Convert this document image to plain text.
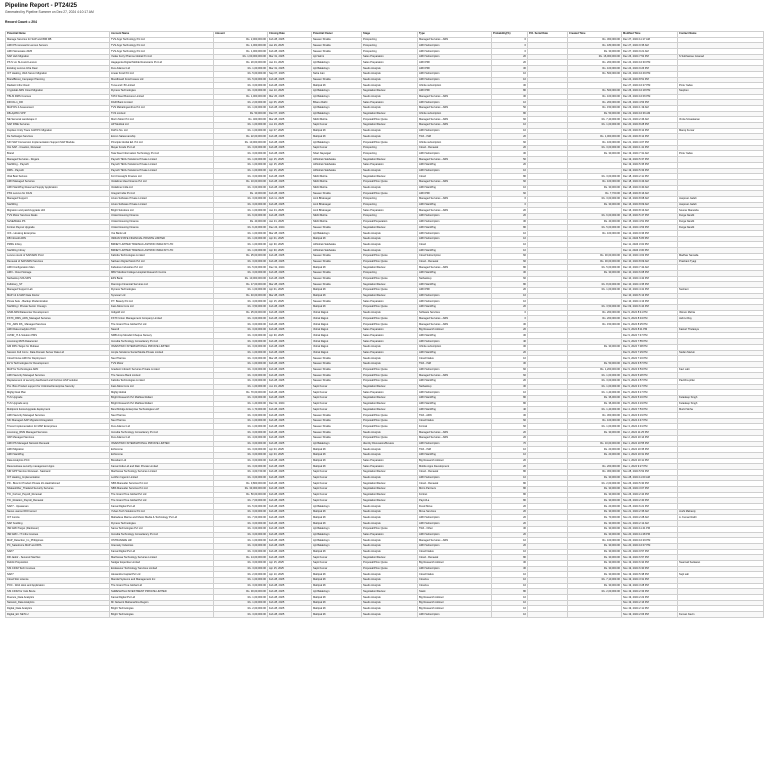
Pipeline Report - PT24/25
Generated by Pipeline Summer on Dec 27, 2024 4:10:17 AM
Record Count = 204
Potential Name	Account Name	Amount	Closing Date	Potential Owner	Stage	Type	Probability(%)	P.O. Serial Date	Created Time	Modified Time	Contact Name
Manage Servcies for SAP and IBM DB	TVS Argo Technology Pvt Ltd	Rs. 2,000,000.00	Feb 28, 2025	Naveen Shukla	Prospecting	Managed Services - ARN	0		Rs. 300,000.00	Dec 27, 2024 11:17 AM	
ARN PS renewal & Lenovo Servers	TVS Argo Technology Pvt Ltd	Rs. 1,000,000.00	Jan 29, 2025	Naveen Shukla	Prospecting	ARN Subscription	0		Rs. 180,000.00	Dec 27, 2024 9:35 AM	
ARN Stoneware 2025	TVS Argo Technology Pvt Ltd	Rs. 1,000,000.00	Feb 28, 2025	Naveen Shukla	Prospecting	ARN Subscription	0		Rs. 30,000.00	Dec 27, 2024 9:21 AM	
SAP Hub Migration	Yadav Ferry Pharma Global Pvt Ltd	Rs. 1,60,000,000.00	Mar 31, 2025	Ajit Sahni	Sales Preparation	ARN Subscription	20		Rs. 16,000,000.00	Dec 26, 2024 7:52 PM	S Subhasree Gnanad
PS S vm SLA and Lenovo	Hagagenia Digital Mobile Resturants Pvt Ltd	Rs. 20,00,000.00	Jan 01, 2025	Ajit Balakrisgn	Sales Preparation	ARN PMI	20		Rs. 200,000.00	Dec 24, 2024 10:30 PM	
Existing Lenovo Infra Deal	Five Adamur Ltd	Rs. 1,00,000.00	Mar 31, 2025	Ajit Balakrisgn	Needs Analysis	ARN PMI	30		Rs. 100,000.00	Dec 24, 2024 9:26 PM	
ICT Healing, Web Server Migration	Linear Food Pvt Ltd	Rs. 5,00,000.00	Sep 07, 2025	Neha Jain	Needs Analysis	ARN Subscription	10		Rs. 500,000.00	Dec 24, 2024 10:49 PM	
BrandBoost_Campaign Planning	Moodboard Food Issues Ltd	Rs. 5,00,000.00	Feb 28, 2025	Naveen Shukla	Needs Analysis	ARN Subscription	10			Dec 24, 2024 8:51 PM	
Radiant Infra Cloud	Tuna and I B Limited	Rs. 3,00,000.00	Feb 28, 2025	Mahipal Mi	Needs Analysis	Infinite subscription	30			Dec 27, 2024 10:27 PM	Pintu Yadav
Cryptolab ARN Cloud Migration	Flyness Technologies	Rs. 3,00,000.00	Jan 10, 2025	Ajit Balakrisgn	Negotiation/Review	ARN PMI	80		Rs. 500,000.00	Dec 26, 2024 10:18 PM	Stephen
TBLIS RMS Courses	TATA Steel Business Limited	Rs. 1,000,000.00	Mar 26, 2025	Ajit Balakrisgn	Needs Analysis	Managed Services - ARN	30		Rs. 100,000.00	Dec 26, 2024 10:06 PM	
DR DG-1_DR	DGR Bank Limited	Rs. 2,00,000.00	Apr 05, 2025	Bhanu Rathi	Sales Preparation	ARN Subscription	10		Rs. 200,000.00	Dec 26, 2024 4:53 PM	
MAP DS 4 Assessment	TVS Mahalingamthus Pvt Ltd	Rs. 1,00,000.00	Feb 28, 2025	Ajit Balakrisgn	Needs Analysis	Managed Services - ARN	50		Rs. 150,000.00	Dec 23, 2024 1:19 AM	
DB-ApPD1 VPP	TCS Limited	Rs. 50,000.00	Dec 07, 2025	Ajit Balakrisgn	Negotiation/Review	Infinite subscription	80		Rs. 50,000.00	Dec 22, 2024 10:36 AM	
NE Serveral Landscape 3	Morin Motor Pvt Ltd	Rs. 400,000.00	Mar 28, 2025	Nikhil Mehta	Proposal/Price Quote	Managed Services - ARN	60		Rs. 7,40,000.00	Dec 21, 2024 2:46 AM	Vinita Srivaskaran
SAP RISE Services	HP Medical Ltd	Rs. 1,00,000.00	Jun 19, 2025	Sapti Kumar	Negotiation/Review	Managed Services - ARN	10		Rs. 1,00,000.00	Dec 20, 2024 8:28 PM	
Dupliset Unity Trace GAP/PC Migration	DoPro No. Ltd	Rs. 1,00,000.00	Apr 07, 2025	Mahipal Mi	Needs Analysis	ARN Subscription	10			Dec 20, 2024 8:12 PM	Manoj Kumar
De Subtarget Services	Enzen Salesmanship	Rs. 22,00,000.00	Feb 28, 2025	Mahipal Mi	Needs Analysis	TRA - ISM	20		Rs. 1,000,000.00	Dec 20, 2024 8:12 PM	
SIO SAP Conversion Implementation Support SAP Module	Principle Global Ed. Pvt Ltd	Rs. 10,000,000.00	Feb 28, 2025	Ajit Balakrisgn	Proposal/Price Quote	Infinite subscription	60		Rs. 100,000.00	Dec 21, 2024 4:07 PM	
Oto SAP - Creation, Renewal	Mayar Foods Pvt Ltd	Rs. 3,00,000.00	Feb 28, 2025	Sapti Kumar	Prospecting	Cloud - Renewal	20		Rs. 3,00,000.00	Dec 20, 2024 1:41 PM	
Brand	Tata Steel Information Technology Pvt Ltd	Rs. 3,00,000.00	Feb 28, 2025	Shari Nayargari	Prospecting	ARN Subscription	30		Rs. 30,000.00	Dec 19, 2024 7:31 AM	Pintu Yadav
Managed Services - Rogars	Paysoft TECH Solutions Private Limited	Rs. 1,00,000.00	Apr 15, 2025	Abhishek Sakhwala	Negotiation/Review	Managed Services - ARN	50			Dec 19, 2024 5:37 PM	
StarWing - Paysoft	Paysoft TECH Solutions Private Limited	Rs. 1,00,000.00	Apr 15, 2025	Abhishek Sakhwala	Sales Preparation	ARN StarWing	20			Dec 19, 2024 5:35 PM	
RMS - Paysoft	Paysoft TECH Solutions Private Limited	Rs. 1,00,000.00	Apr 15, 2025	Abhishek Sakhwala	Needs Analysis	ARN Subscription	10			Dec 19, 2024 5:33 PM	
Vital Best Serives	Fort Foresight Finance Ltd	Rs. 3,00,000.00	Feb 28, 2025	Nikhil Mehta	Negotiation/Review	Cloud	80		Rs. 3,00,000.00	Dec 18, 2024 2:11 PM	
ARN Managed Services	Vodafone Idea Finance Pvt Ltd	Rs. 10,00,000.00	Feb 28, 2025	Nikhil Mehta	Proposal/Price Quote	Managed Services - ARN	60		Rs. 100,000.00	Dec 18, 2024 9:43 AM	
ARN StarWing Reserved Supply Application	Vodafone India Ltd	Rs. 3,00,000.00	Feb 28, 2025	Nikhil Mehta	Needs Analysis	ARN StarWing	10		Rs. 30,000.00	Dec 18, 2024 9:40 AM	
PSS Lenovo for ICHS	Integral India Pvt Ltd	Rs. 10,000.00	Feb 28, 2025	Naveen Shukla	Proposal/Price Quote	ARN PMI	60		Rs. 7,700.00	Dec 18, 2024 8:16 AM	
Managed Support	Azure Software Private Limited	Rs. 3,00,000.00	Feb 11, 2025	Amit Bhatnagar	Prospecting	Managed Services - ARN	0		Rs. 3,00,000.00	Dec 16, 2024 8:08 AM	Jaspreet Jadeh
StarWing	Azure Software Private Limited	Rs. 3,00,000.00	Feb 28, 2025	Amit Bhatnagar	Prospecting	ARN StarWing	0		Rs. 30,000.00	Dec 16, 2024 8:09 AM	Jaspreet Jadeh
Migration and patch/upgrade HCI	Bright Solutions Ltd	Rs. 1,00,000.00	Jan 31, 2025	Amit Bhatnagar	Sales Preparation	Managed Services - ARN	20			Dec 16, 2024 8:13 AM	Sourav Marwaha
TVS Motor Services Deals	United Housing Finance	Rs. 6,00,000.00	Feb 28, 2025	Nikhil Mehta	Prospecting	ARN Subscription	20		Rs. 6,00,000.00	Dec 15, 2024 5:47 PM	Durga Nandit
SuSE/RHEL PS	United Housing Finance	Rs. 40,000.00	Jan 31, 2025	Nikhil Mehta	Proposal/Preparation	ARN Subscription	30		Rs. 40,000.00	Dec 15, 2024 4:51 PM	Durga Nandit
Fortnet Payout Upgrade	United Housing Finance	Rs. 6,20,000.00	Dec 24, 2024	Naveen Shukla	Negotiation/Review	ARN StarWing	80		Rs. 5,00,000.00	Dec 13, 2024 4:53 PM	Durga Nandit
ICS - Housing Enterprise	Yes Bank Ltd	Rs. 1,00,000.00	Mar 28, 2025	Ajit Balakrisgn	Needs Analysis	ARN Subscription	10		Rs. 100,000.00	Dec 12, 2024 9:36 PM	
DB Infosoft ARN	INDIAN STATE FINANCIAL PRIVATE LIMITED	Rs. 1,00,000.00	Apr 01, 2025	Mahipal Mi	Needs Analysis	ARN Subscription	10			Dec 11, 2024 5:05 PM	
PMRL Infosy	BRNET LIMITED TRANSAC-ASTRON INDIA INT LTD	Rs. 1,00,000.00	Apr 30, 2025	Abhishek Sakhwala	Needs Analysis	Cloud	10			Dec 11, 2024 3:32 PM	
StarWing Infosy	BRNET LIMITED TRANSAC-ASTRON INDIA INT LTD	Rs. 1,00,000.00	Apr 30, 2025	Abhishek Sakhwala	Needs Analysis	ARN StarWing	10			Dec 11, 2024 3:30 PM	
Lenovo stock of SAP/ARN Prod	Kalinda Technologies Limited	Rs. 25,00,000.00	Feb 28, 2025	Naveen Shukla	Proposal/Price Quote	Cloud Subscription	60		Rs. 30,00,000.00	Dec 10, 2024 4:02 PM	Madhav Samalla
Renewal of SAP/ARM Services	Sattvam Digital Stock Pvt Ltd	Rs. 3,00,000.00	Feb 28, 2025	Naveen Shukla	Proposal/Price Quote	Cloud - Renewal	60		Rs. 30,00,000.00	Dec 10, 2024 8:09 AM	Prashant Tyagi
ARN Configuration Man	Fabulous Industries Pvt Ltd	Rs. 5,00,000.00	Dec 31, 2024	Mahipal Mi	Negotiation/Review	Managed Services - ARN	80		Rs. 5,00,000.00	Dec 10, 2024 7:42 AM	
ARN - Cloud Storage	MBV Medical College Hospital Research Centre	Rs. 3,00,000.00	Feb 28, 2025	Naveen Shukla	Prospecting	ARN StarWing	30		Rs. 30,000.00	Dec 10, 2024 6:08 PM	
Netbackup SIS-SIPS	EFS Bank	Rs. 10,000,000.00	Feb 28, 2025	Naveen Shukla	Proposal/Price Quote	Netbackup	60			Dec 10, 2024 4:42 PM	
Fullobery_ST	Flamingo Financial Services Ltd	Rs. 17,00,000.00	Mar 28, 2025	Naveen Shukla	Negotiation/Review	ARN StarWing	80		Rs. 8,00,000.00	Dec 10, 2024 4:35 PM	
Managed Support Lab	Flyness Technologies	Rs. 1,00,000.00	Apr 01, 2025	Mahipal Mi	Proposal/Price Quote	ARN PMI	20		Rs. 1,00,000.00	Dec 10, 2024 4:41 PM	Sushant
MAP 12 & MAP Data Doctor	Synovac Ltd	Rs. 40,00,000.00	Mar 28, 2025	Mahipal Mi	Negotiation/Review	ARN Subscription	10			Dec 10, 2024 5:13 PM	
Pluvia Setu - Backup Modernization	P.T. Beauty Pvt Ltd	Rs. 4,00,000.00	Apr 15, 2025	Naveen Shukla	Sales Preparation	ARN Subscription	10			Dec 10, 2024 4:13 PM	
StarWing / Private Sector Onesign	Fast Allow Core Ltd	Rs. 3,50,000.00	Feb 28, 2025	Mahipal Mi	Proposal/Price Quote	ARN StarWing	20		Rs. 3,50,000.00	Dec 09, 2024 6:44 PM	
GNM ARN/Datacenter Development	Indigold Ltd	Rs. 25,00,000.00	Feb 28, 2025	Vishal Rajput	Needs Analysis	Software Services	0		Rs. 200,000.00	Dec 9, 2024 8:41 PM	Vikram Mehta
FSTX_RMS_ARN_Managed Services	FSTX Union Management Company Limited	Rs. 3,00,000.00	Feb 28, 2025	Vishal Rajput	Proposal/Price Quote	Managed Services - ARN	0		Rs. 200,000.00	Dec 9, 2024 8:34 PM	Jahnvi Roy
TIC_ARN RS_ Managed Services	The Grand Tree Global Pvt Ltd	Rs. 3,00,000.00	Feb 28, 2025	Vishal Rajput	Proposal/Price Quote	Managed Services - ARN	30		Rs. 150,000.00	Dec 9, 2024 8:25 PM	
ARN Data Analytics POC	Nasroll	Rs. 3,00,000.00	Feb 28, 2025	Vishal Rajput	Sales Preparation	Big Research Advisor	20			Dec 9, 2024 8:11 PM	Kasturi Thulasiya
UVNR_IT & Solution PMS	NMB Amp Moodsil Cheque Nursery	Rs. 3,00,000.00	Apr 30, 2025	Vishal Rajput	Sales Preparation	ARN StarWing	30			Dec 9, 2024 7:47 PM	
Licensing RMS Datacenter	Incredia Technology Consultancy Pvt Ltd	Rs. 3,00,000.00	Feb 28, 2025	Vishal Rajput	Sales Preparation	ARN Subscription	40			Dec 9, 2024 7:55 PM	
GM RPG Target for Mubaso	INVESTWAY INTERNATIONAL PRIVATE LIMITED	Rs. 3,00,000.00	Feb 28, 2025	Vishal Rajput	Needs Analysis	Infinite subscription	30		Rs. 30,000.00	Dec 9, 2024 7:38 PM	
Session Full Conv.: Data Domain Server Data Ltd	Ample Solutions Social Media Private Limited	Rs. 1,00,000.00	Feb 28, 2025	Vishal Rajput	Sales Preparation	ARN StarWing	20			Dec 9, 2024 7:29 PM	Stefan Marvin
Cloud Nurse ARN for Deployment	Neo Pharma	Rs. 3,00,000.00	Mar 28, 2025	Naveen Shukla	Needs Analysis	Cloud Native	10			Dec 9, 2024 7:16 PM	
EV & Technologies for Development	TVS Motor	Rs. 1,00,000.00	Feb 28, 2025	Naveen Shukla	Needs Analysis	TRA - ISM	30		Rs. 50,000.00	Dec 9, 2024 6:57 PM	
MAP for Technologies ARN	Gradient Infotech Services Private Limited	Rs. 3,00,000.00	Feb 28, 2025	Naveen Shukla	Proposal/Price Quote	ARN Subscription	60		Rs. 1,200,000.00	Dec 9, 2024 6:53 PM	Kavi Lalit
ARN Security Managed Services	The Serene Bank Limited	Rs. 3,00,000.00	Feb 28, 2025	Naveen Shukla	Proposal/Price Quote	Managed Services - ARN	60		Rs. 1,00,000.00	Dec 9, 2024 5:28 PM	
Replacement of security dashboard and Fortinet HSP solution	Kalinda Technologies Limited	Rs. 3,00,000.00	Feb 28, 2025	Naveen Shukla	Proposal/Price Quote	ARN StarWing	20		Rs. 3,00,000.00	Dec 9, 2024 4:57 PM	Pavithra pillai
Pre. Bios Product support for Unlimited Enterprise Security	Fast Allow Core Ltd	Rs. 1,00,000.00	Jun 19, 2025	Sapti Kumar	Negotiation/Review	Netbackup	30		Rs. 1,00,000.00	Dec 9, 2024 3:17 PM	
Migfig Deal Plan	Migfig Global	Rs. 70,00,000.00	Feb 28, 2025	Sapti Kumar	Sales Preparation	ARN Subscription	10		Rs. 1,40,000.00	Dec 5, 2024 6:17 PM	
TLS Upgrade	Bright Research Pvt Mathias Reliant	Rs. 3,00,000.00	Feb 28, 2025	Sapti Kumar	Negotiation/Review	ARN StarWing	80		Rs. 36,000.00	Dec 5, 2024 5:16 PM	Kuladeep Singh
TLS Upgrade amp	Bright Research Pvt Mathias Reliant	Rs. 1,20,000.00	Dec 31, 2024	Sapti Kumar	Negotiation/Review	ARN StarWing	80		Rs. 36,000.00	Dec 5, 2024 4:19 PM	Kuladeep Singh
Multipoint fusion/upgrade deployment	Benchbridge Enterprise Technologies LLP	Rs. 1,70,000.00	Feb 28, 2025	Sapti Kumar	Negotiation/Review	ARN StarWing	40		Rs. 1,40,000.00	Dec 4, 2024 7:53 PM	Murid Sinha
ARN Security Managed Services	Neo Pharma	Rs. 3,00,000.00	Feb 28, 2025	Naveen Shukla	Proposal/Price Quote	TRA - ARN	30		Rs. 300,000.00	Dec 3, 2024 6:19 PM	
SIC Managed-SAP Migration/Integration	Neo Pharma	Rs. 1,00,000.00	Feb 28, 2025	Naveen Shukla	Proposal/Price Quote	Cloud Native	60		Rs. 100,000.00	Dec 3, 2024 4:47 PM	
Trivest Implementation for MAP Enterprises	Five Adamur Ltd	Rs. 1,00,000.00	Feb 28, 2025	Naveen Shukla	Proposal/Price Quote	Formal	60		Rs. 1,00,000.00	Dec 3, 2024 4:31 PM	
Licensing_RMS Managed Services	Incredia Technology Consultancy Pvt Ltd	Rs. 3,00,000.00	Feb 28, 2025	Naveen Shukla	Needs Analysis	Managed Services - ARN	20		Rs. 30,000.00	Dec 2, 2024 11:25 PM	
VAP Managed Services	Five Adamur Ltd	Rs. 4,00,000.00	Feb 28, 2025	Naveen Shukla	Proposal/Price Quote	Managed Services - ARN	20			Dec 2, 2024 10:14 PM	
ARN PS Managed Network Renewal	INVESTWAY INTERNATIONAL PRIVATE LIMITED	Rs. 3,00,000.00	Feb 28, 2025	Ajit Balakrisgn	Identity Discussion/Review	ARN Subscription	70		Rs. 10,00,000.00	Dec 1, 2024 10:55 PM	
ARN Migration	Enforcone	Rs. 3,00,000.00	Apr 03, 2025	Mahipal Mi	Needs Analysis	TRA - ISM	10		Rs. 20,000.00	Dec 1, 2024 10:35 PM	
ARN StarWing	Enforcone	Rs. 3,00,000.00	Apr 03, 2025	Mahipal Mi	Needs Analysis	ARN StarWing	10		Rs. 20,000.00	Dec 1, 2024 10:31 PM	
Data Analytics PCC	Bioreliant Ltd	Rs. 3,00,000.00	Feb 28, 2025	Mahipal Mi	Sales Preparation	Big Research Advisor	20			Dec 1, 2024 10:11 PM	
Resumebase security management Apps	Kamal India Ltd and Rain Private Limited	Rs. 3,00,000.00	Feb 28, 2025	Mahipal Mi	Sales Preparation	Mobile Apps Development	20		Rs. 200,000.00	Dec 1, 2024 9:27 PM	
SIR GPP Service Renewal - Sastrand	Marthessa Technology Services Limited	Rs. 4,00,720.00	Feb 28, 2025	Sapti Kumar	Negotiation/Review	Cloud - Renewal	80		Rs. 300,000.00	Nov 28, 2024 5:52 PM	
ICT Healing_Implementation	Lerithm Ingenix Limited	Rs. 3,00,000.00	Feb 28, 2025	Sapti Kumar	Needs Analysis	ARN Subscription	10		Rs. 30,000.00	Nov 28, 2024 11:00 AM	
PD - Bios for Product Private 2G Hashtahmed	NBS Marauder Services Pvt Ltd	Rs. 3,800,000.00	Feb 28, 2025	Sapti Kumar	Negotiation/Review	Cloud - Renewal	80		Rs. 2,00,000.00	Nov 26, 2024 5:30 PM	
Shakeshifter_Thailand Security Services	NBS Marauder Services Pvt Ltd	Rs. 33,000,000.00	Feb 28, 2025	Sapti Kumar	Negotiation/Review	Micro Partners	80		Rs. 30,000.00	Nov 26, 2024 3:07 PM	
TIC_Fortnet_Payroll_Renewal	The Grand Tree Global Pvt Ltd	Rs. 50,00,000.00	Feb 28, 2025	Sapti Kumar	Negotiation/Review	Fortnet	80		Rs. 30,000.00	Nov 26, 2024 2:44 PM	
TIC_Rotation_Payroll_Renewal	The Grand Tree Global Pvt Ltd	Rs. 7,00,000.00	Feb 28, 2025	Sapti Kumar	Negotiation/Review	Payroll-a	80		Rs. 30,000.00	Nov 26, 2024 2:40 PM	
SAP7 - Upasaman	Kamal Digital Pvt Ltd	Rs. 5,00,000.00	Feb 28, 2025	Ajit Balakrisgn	Needs Analysis	Fixed Move	20		Rs. 20,000.00	Nov 25, 2024 6:21 PM	
Nexus usersol RIO tensor	Yuban Tech Solutions Pvt Ltd	Rs. 3,00,000.00	Feb 28, 2025	Mahipal Mi	Needs Analysis	Move Services	20		Rs. 30,000.00	Nov 21, 2024 2:35 AM	Joshi Mahanty
ICT Juncta	Mahadeva Marine and Music Media & Technology Pvt Ltd	Rs. 7,00,000.00	Feb 28, 2025	Mahipal Mi	Needs Analysis	ARN Subscription	20		Rs. 70,000.00	Nov 21, 2024 2:28 AM	A. Kumar Rathi
SAP hostiling	Flyness Technologies	Rs. 3,00,000.00	Feb 28, 2025	Mahipal Mi	Needs Analysis	ARN Subscription	20		Rs. 30,000.00	Nov 21, 2024 2:12 AM	
ISR ARN Target (Ranbaxer)	Sama Technologies Pvt Ltd	Rs. 3,00,000.00	Feb 28, 2025	Ajit Balakrisgn	Proposal/Price Quote	TRA - Other	30		Rs. 30,000.00	Nov 20, 2024 11:41 PM	
ISR ARN - IT Infra Courses	Incredia Technology Consultancy Pvt Ltd	Rs. 3,00,000.00	Feb 28, 2025	Ajit Balakrisgn	Sales Preparation	ARN Subscription	20		Rs. 30,000.00	Nov 20, 2024 11:28 PM	
MAP_Detection_Im_Philippines	OSTRANARE HR	Rs. 1,00,000.00	Feb 28, 2025	Ajit Balakrisgn	Needs Analysis	Managed Services - ARN	10		Rs. 100,000.00	Nov 20, 2024 10:29 PM	
PC_Salesforce MAP and RPA	Intensely Industries	Rs. 3,00,000.00	Feb 28, 2025	Ajit Balakrisgn	Needs Analysis	ARN Subscription	20		Rs. 30,000.00	Nov 20, 2024 10:07 PM	
SAP7	Kamal Digital Pvt Ltd	Rs. 3,00,000.00	Feb 28, 2025	Mahipal Mi	Needs Analysis	Cloud Native	10		Rs. 30,000.00	Nov 20, 2024 9:57 PM	
DR Jasbir - Secured Stal Net	Marthessa Technology Services Limited	Rs. 14,00,000.00	Feb 28, 2025	Sapti Kumar	Negotiation/Review	Cloud - Renewal	80		Rs. 30,000.00	Nov 19, 2024 6:57 PM	
Rubrik Proposition	Sedgar Expertise Limited	Rs. 3,00,000.00	Apr 15, 2025	Sapti Kumar	Proposal/Price Quote	Big Research Advisor	30		Rs. 30,000.00	Nov 19, 2024 6:34 PM	Swarnali Sarkaran
SIS CIOM Tech Courses	Endeavour Technology Services Limited	Rs. 3,00,000.00	Apr 15, 2025	Sapti Kumar	Proposal/Price Quote	ARN Subscription	30		Rs. 30,000.00	Nov 19, 2024 6:30 PM	
SAP7	Alexandra Capital Pvt Ltd	Rs. 2,00,000.00	Apr 10, 2025	Mahipal Mi	Needs Analysis	Cloud Native	10		Rs. 30,000.00	Nov 19, 2024 5:38 PM	Sujit sah
Cloud Slot Licence	Mandal Systems and Management Inc	Rs. 1,00,000.00	Feb 28, 2025	Mahipal Mi	Needs Analysis	Cloud-ia	10		Rs. 7,10,000.00	Nov 19, 2024 3:31 PM	
POC - Web Host and Application	The Grand Tree Global Ltd	Rs. 3,00,000.00	Feb 28, 2025	Mahipal Mi	Needs Analysis	Cloud-ia	10		Rs. 30,000.00	Nov 19, 2024 3:28 PM	
SIS CIOM for Indo Bovie	SHRESHTHA INVESTMENT PRIVATE LIMITED	Rs. 30,00,000.00	Feb 28, 2025	Ajit Balakrisgn	Negotiation/Review	Stack	80		Rs. 2,00,000.00	Nov 19, 2024 2:33 PM	
Fluence_Data Analytics	Kamal Digital Pvt Ltd	Rs. 1,00,000.00	Feb 28, 2025	Mahipal Mi	Needs Analysis	Big Research Advisor	10			Nov 19, 2024 2:22 PM	
Network_Data Analytics	Mr Network Maharashtra Region	Rs. 1,00,000.00	Feb 28, 2025	Mahipal Mi	Needs Analysis	Big Research Advisor	10			Nov 19, 2024 2:16 PM	
Digital_Data Analytics	Bright Technologies	Rs. 2,00,000.00	Feb 28, 2025	Mahipal Mi	Needs Analysis	Big Research Advisor	10			Nov 19, 2024 2:11 PM	
Digital_EC NETLU	Bright Technologies	Rs. 3,00,000.00	Feb 28, 2025	Mahipal Mi	Needs Analysis	ARN Subscription	10			Nov 19, 2024 2:06 PM	Kuman Kavin
